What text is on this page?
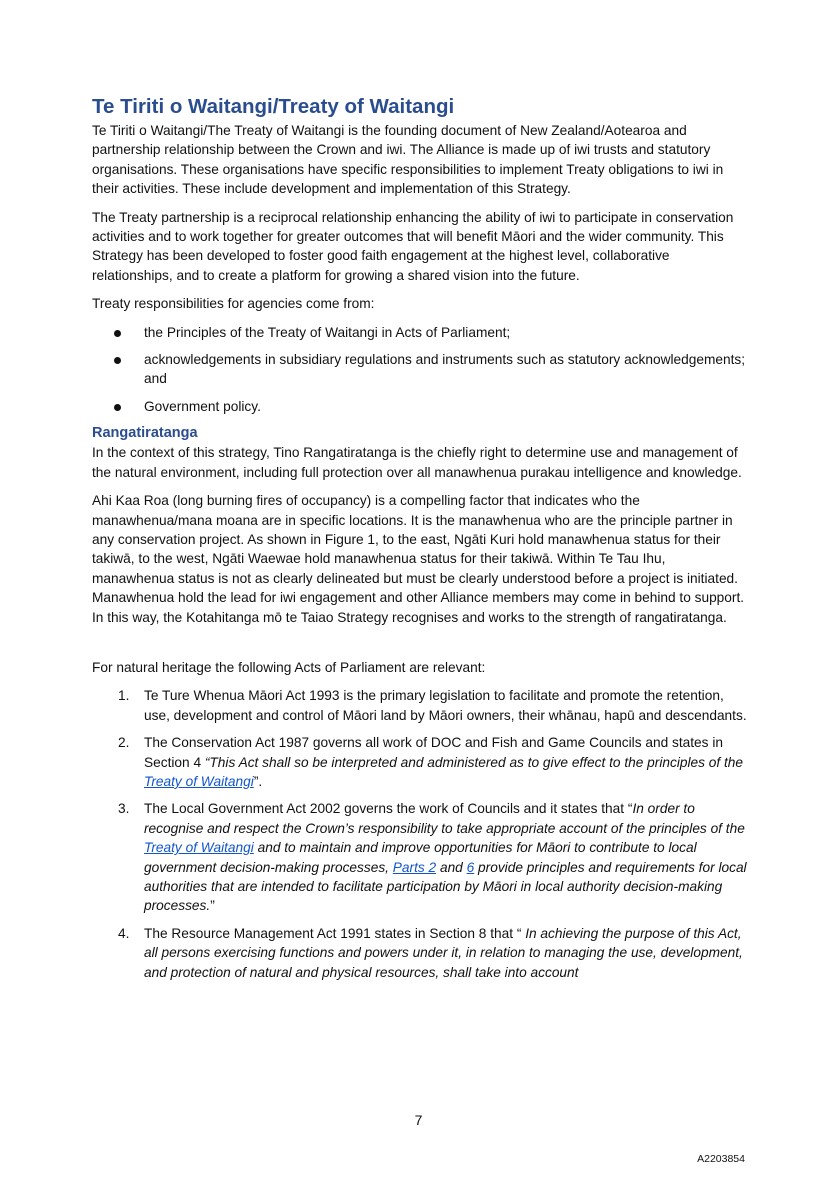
Te Tiriti o Waitangi/Treaty of Waitangi

Te Tiriti o Waitangi/The Treaty of Waitangi is the founding document of New Zealand/Aotearoa and partnership relationship between the Crown and iwi. The Alliance is made up of iwi trusts and statutory organisations. These organisations have specific responsibilities to implement Treaty obligations to iwi in their activities. These include development and implementation of this Strategy.

The Treaty partnership is a reciprocal relationship enhancing the ability of iwi to participate in conservation activities and to work together for greater outcomes that will benefit Māori and the wider community. This Strategy has been developed to foster good faith engagement at the highest level, collaborative relationships, and to create a platform for growing a shared vision into the future.

Treaty responsibilities for agencies come from:

the Principles of the Treaty of Waitangi in Acts of Parliament;
acknowledgements in subsidiary regulations and instruments such as statutory acknowledgements; and
Government policy.
Rangatiratanga

In the context of this strategy, Tino Rangatiratanga is the chiefly right to determine use and management of the natural environment, including full protection over all manawhenua purakau intelligence and knowledge.

Ahi Kaa Roa (long burning fires of occupancy) is a compelling factor that indicates who the manawhenua/mana moana are in specific locations. It is the manawhenua who are the principle partner in any conservation project. As shown in Figure 1, to the east, Ngāti Kuri hold manawhenua status for their takiwā, to the west, Ngāti Waewae hold manawhenua status for their takiwā. Within Te Tau Ihu, manawhenua status is not as clearly delineated but must be clearly understood before a project is initiated. Manawhenua hold the lead for iwi engagement and other Alliance members may come in behind to support. In this way, the Kotahitanga mō te Taiao Strategy recognises and works to the strength of rangatiratanga.

For natural heritage the following Acts of Parliament are relevant:

1. Te Ture Whenua Māori Act 1993 is the primary legislation to facilitate and promote the retention, use, development and control of Māori land by Māori owners, their whānau, hapū and descendants.
2. The Conservation Act 1987 governs all work of DOC and Fish and Game Councils and states in Section 4 “This Act shall so be interpreted and administered as to give effect to the principles of the Treaty of Waitangi”.
3. The Local Government Act 2002 governs the work of Councils and it states that “In order to recognise and respect the Crown’s responsibility to take appropriate account of the principles of the Treaty of Waitangi and to maintain and improve opportunities for Māori to contribute to local government decision-making processes, Parts 2 and 6 provide principles and requirements for local authorities that are intended to facilitate participation by Māori in local authority decision-making processes.”
4. The Resource Management Act 1991 states in Section 8 that “ In achieving the purpose of this Act, all persons exercising functions and powers under it, in relation to managing the use, development, and protection of natural and physical resources, shall take into account
7
A2203854
